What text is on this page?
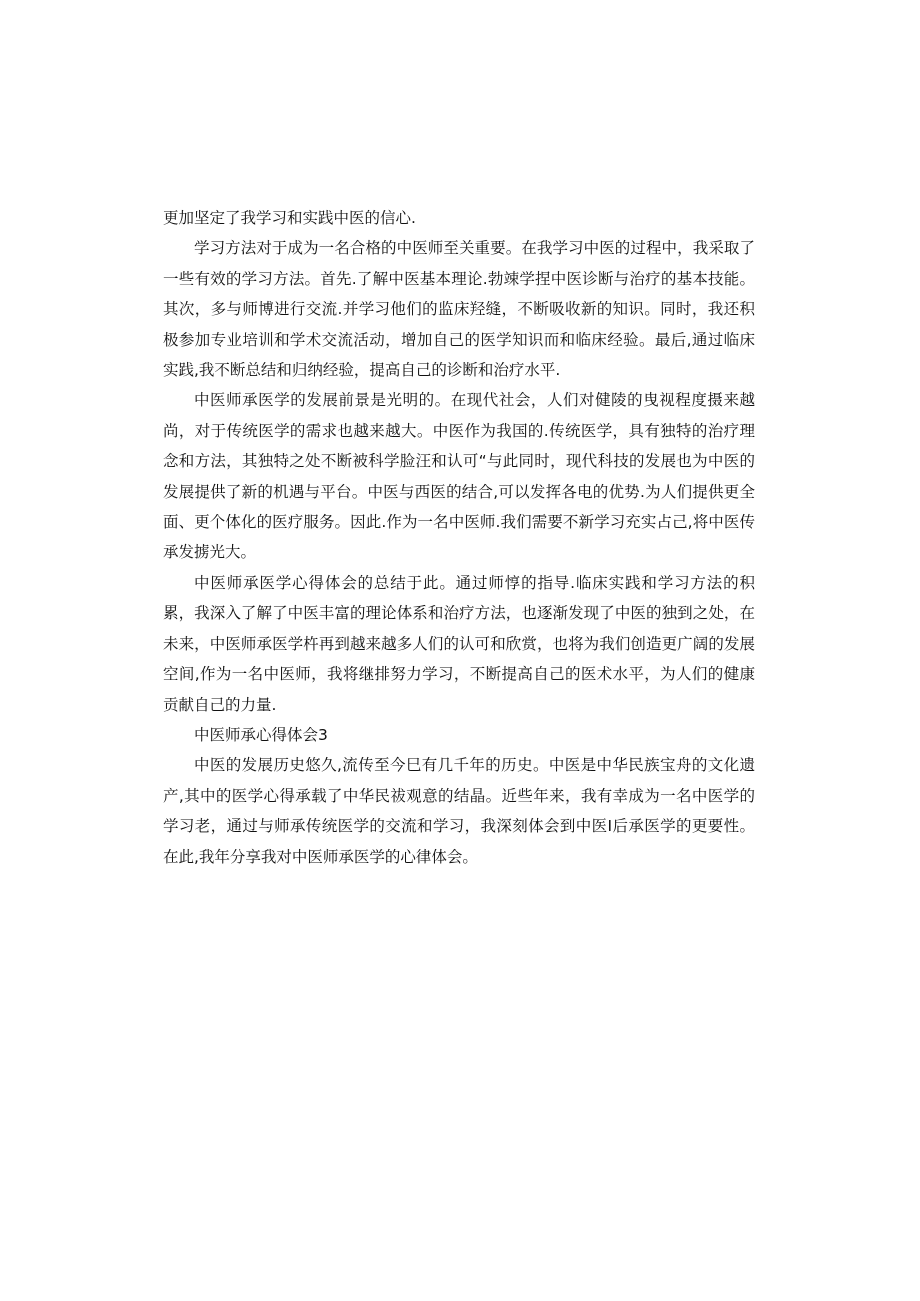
更加坚定了我学习和实践中医的信心.

学习方法对于成为一名合格的中医师至关重要。在我学习中医的过程中，我采取了一些有效的学习方法。首先.了解中医基本理论.勃竦学捏中医诊断与治疗的基本技能。其次，多与师博进行交流.并学习他们的监床羟缝，不断吸收新的知识。同时，我还积极参加专业培训和学术交流活动，增加自己的医学知识而和临床经验。最后,通过临床实践,我不断总结和归纳经验，提高自己的诊断和治疗水平.

中医师承医学的发展前景是光明的。在现代社会，人们对健陵的曳视程度摄来越尚，对于传统医学的需求也越来越大。中医作为我国的.传统医学，具有独特的治疗理念和方法，其独特之处不断被科学脸汪和认可“与此同时，现代科技的发展也为中医的发展提供了新的机遇与平台。中医与西医的结合,可以发挥各电的优势.为人们提供更全面、更个体化的医疗服务。因此.作为一名中医师.我们需要不新学习充实占己,将中医传承发掳光大。

中医师承医学心得体会的总结于此。通过师惇的指导.临床实践和学习方法的积累，我深入了解了中医丰富的理论体系和治疗方法，也逐渐发现了中医的独到之处，在未来，中医师承医学杵再到越来越多人们的认可和欣赏，也将为我们创造更广阔的发展空间,作为一名中医师，我将继排努力学习，不断提高自己的医术水平，为人们的健康贡献自己的力量.

中医师承心得体会3

中医的发展历史悠久,流传至今巳有几千年的历史。中医是中华民族宝舟的文化遗产,其中的医学心得承载了中华民祓观意的结晶。近些年来，我有幸成为一名中医学的学习老，通过与师承传统医学的交流和学习，我深刻体会到中医I后承医学的更要性。在此,我年分享我对中医师承医学的心律体会。
